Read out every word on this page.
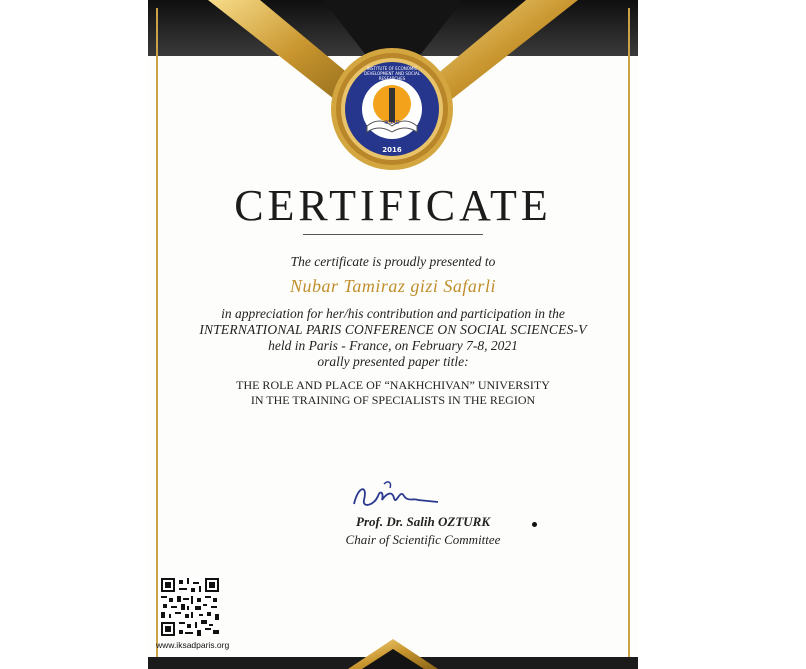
INSTITUTE OF ECONOMIC DEVELOPMENT AND SOCIAL RESEARCHES
2016
IKSAD
CERTIFICATE
The certificate is proudly presented to
Nubar Tamiraz gizi Safarli
in appreciation for her/his contribution and participation in the
INTERNATIONAL PARIS CONFERENCE ON SOCIAL SCIENCES-V
held in Paris - France, on February 7-8, 2021
orally presented paper title:
THE ROLE AND PLACE OF “NAKHCHIVAN” UNIVERSITY
IN THE TRAINING OF SPECIALISTS IN THE REGION
Prof. Dr. Salih OZTURK
Chair of Scientific Committee
www.iksadparis.org
